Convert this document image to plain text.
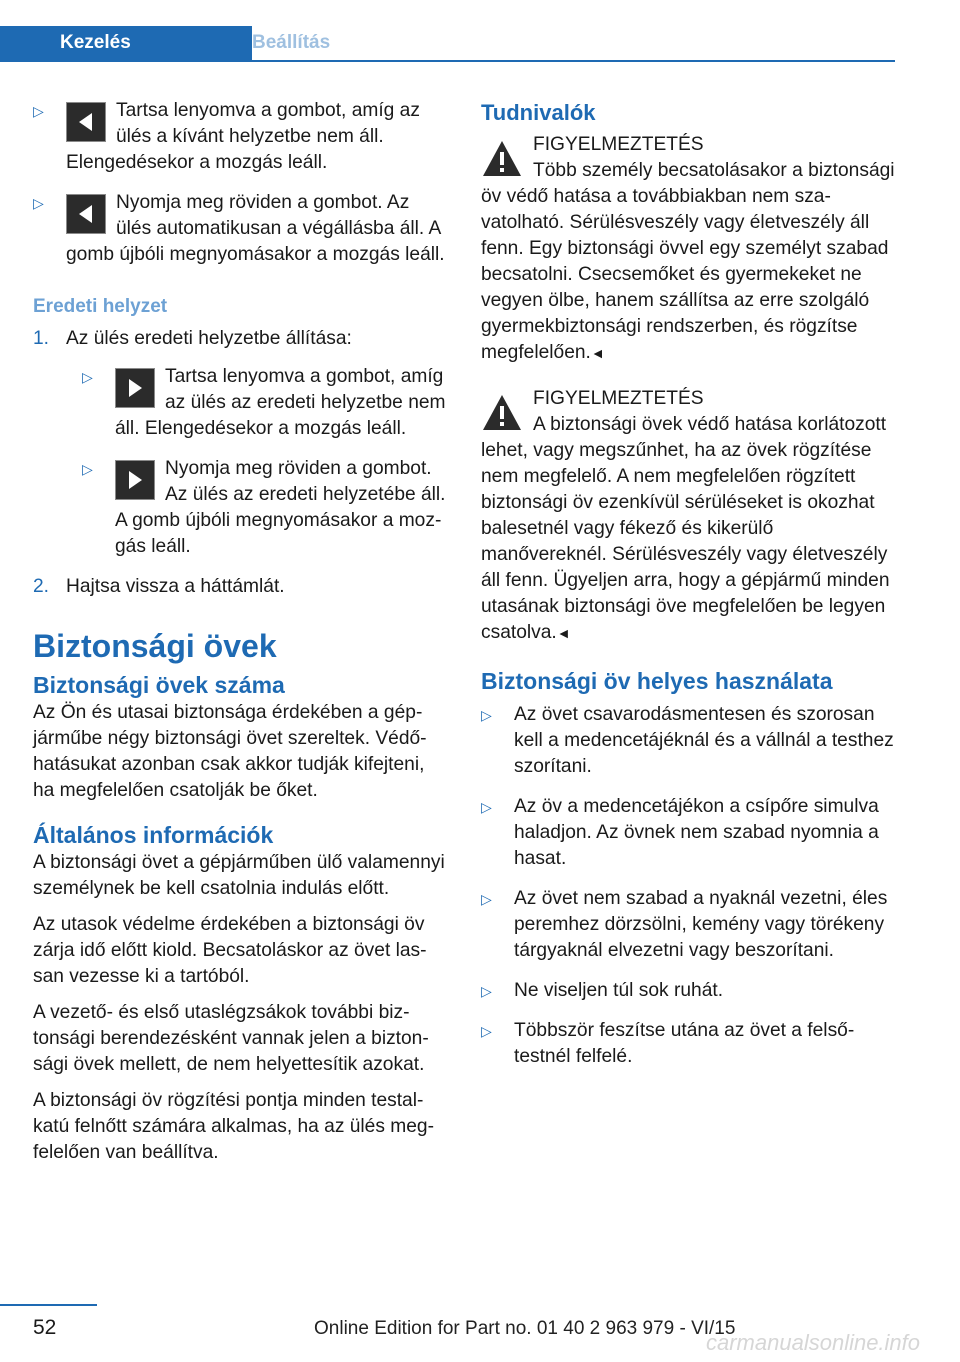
Kezelés	Beállítás
▷	Tartsa lenyomva a gombot, amíg az ülés a kívánt helyzetbe nem áll. Elengedésekor a mozgás leáll.
▷	Nyomja meg röviden a gombot. Az ülés automatikusan a végállásba áll. A gomb újbóli megnyomásakor a mozgás leáll.
Eredeti helyzet
1. Az ülés eredeti helyzetbe állítása:
▷	Tartsa lenyomva a gombot, amíg az ülés az eredeti helyzetbe nem áll. Elengedésekor a mozgás leáll.
▷	Nyomja meg röviden a gombot. Az ülés az eredeti helyzetébe áll. A gomb újbóli megnyomásakor a mozgás leáll.
2. Hajtsa vissza a háttámlát.
Biztonsági övek
Biztonsági övek száma

Az Ön és utasai biztonsága érdekében a gépjárműbe négy biztonsági övet szereltek. Védőhatásukat azonban csak akkor tudják kifejteni, ha megfelelően csatolják be őket.

Általános információk

A biztonsági övet a gépjárműben ülő valamennyi személynek be kell csatolnia indulás előtt.

Az utasok védelme érdekében a biztonsági öv zárja idő előtt kiold. Becsatoláskor az övet lassan vezesse ki a tartóból.

A vezető- és első utaslégzsákok további biztonsági berendezésként vannak jelen a biztonsági övek mellett, de nem helyettesítik azokat.

A biztonsági öv rögzítési pontja minden testalkatú felnőtt számára alkalmas, ha az ülés megfelelően van beállítva.

Tudnivalók
FIGYELMEZTETÉS
Több személy becsatolásakor a biztonsági öv védő hatása a továbbiakban nem szavatolható. Sérülésveszély vagy életveszély áll fenn. Egy biztonsági övvel egy személyt szabad becsatolni. Csecsemőket és gyermekeket ne vegyen ölbe, hanem szállítsa az erre szolgáló gyermekbiztonsági rendszerben, és rögzítse megfelelően.◄
FIGYELMEZTETÉS
A biztonsági övek védő hatása korlátozott lehet, vagy megszűnhet, ha az övek rögzítése nem megfelelő. A nem megfelelően rögzített biztonsági öv ezenkívül sérüléseket is okozhat balesetnél vagy fékező és kikerülő manővereknél. Sérülésveszély vagy életveszély áll fenn. Ügyeljen arra, hogy a gépjármű minden utasának biztonsági öve megfelelően be legyen csatolva.◄
Biztonsági öv helyes használata
▷ Az övet csavarodásmentesen és szorosan kell a medencetájéknál és a vállnál a testhez szorítani.
▷ Az öv a medencetájékon a csípőre simulva haladjon. Az övnek nem szabad nyomnia a hasat.
▷ Az övet nem szabad a nyaknál vezetni, éles peremhez dörzsölni, kemény vagy törékeny tárgyaknál elvezetni vagy beszorítani.
▷ Ne viseljen túl sok ruhát.
▷ Többször feszítse utána az övet a felsőtestnél felfelé.
52	Online Edition for Part no. 01 40 2 963 979 - VI/15
carmanualsonline.info
